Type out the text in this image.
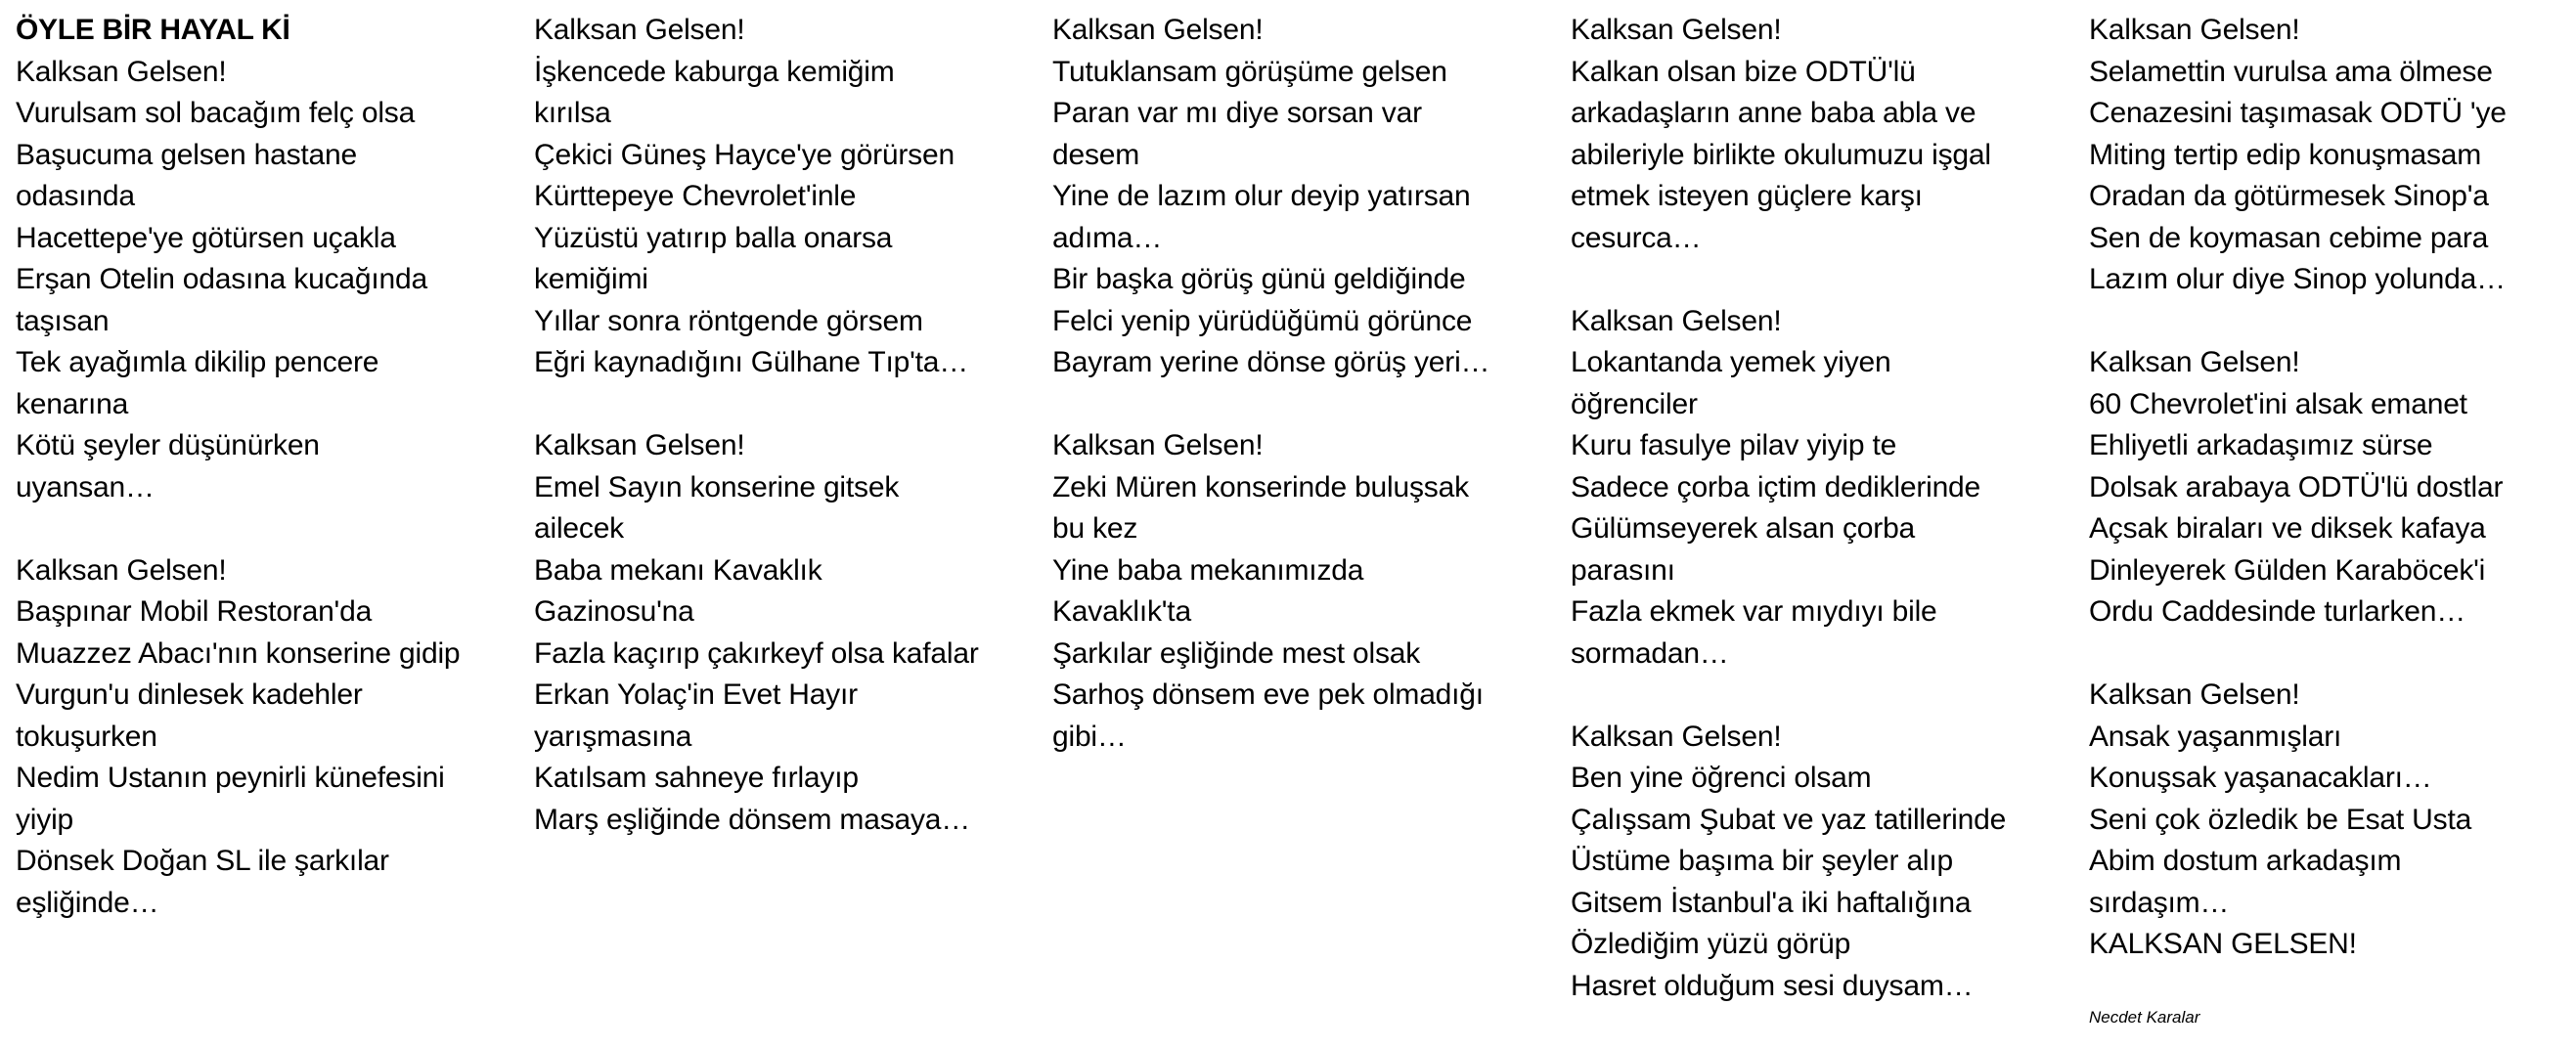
ÖYLE BİR HAYAL Kİ
Kalksan Gelsen!
Vurulsam sol bacağım felç olsa
Başucuma gelsen hastane
odasında
Hacettepe'ye götürsen uçakla
Erşan Otelin odasına kucağında
taşısan
Tek ayağımla dikilip pencere
kenarına
Kötü şeyler düşünürken
uyansan…
Kalksan Gelsen!
Başpınar Mobil Restoran'da
Muazzez Abacı'nın konserine gidip
Vurgun'u dinlesek kadehler
tokuşurken
Nedim Ustanın peynirli künefesini
yiyip
Dönsek Doğan SL ile şarkılar
eşliğinde…
Kalksan Gelsen!
İşkencede kaburga kemiğim
kırılsa
Çekici Güneş Hayce'ye görürsen
Kürttepeye Chevrolet'inle
Yüzüstü yatırıp balla onarsa
kemiğimi
Yıllar sonra röntgende görsem
Eğri kaynadığını Gülhane Tıp'ta…
Kalksan Gelsen!
Emel Sayın konserine gitsek
ailecek
Baba mekanı Kavaklık
Gazinosu'na
Fazla kaçırıp çakırkeyf olsa kafalar
Erkan Yolaç'in Evet Hayır
yarışmasına
Katılsam sahneye fırlayıp
Marş eşliğinde dönsem masaya…
Kalksan Gelsen!
Tutuklansam görüşüme gelsen
Paran var mı diye sorsan var
desem
Yine de lazım olur deyip yatırsan
adıma…
Bir başka görüş günü geldiğinde
Felci yenip yürüdüğümü görünce
Bayram yerine dönse görüş yeri…
Kalksan Gelsen!
Zeki Müren konserinde buluşsak
bu kez
Yine baba mekanımızda
Kavaklık'ta
Şarkılar eşliğinde mest olsak
Sarhoş dönsem eve pek olmadığı
gibi…
Kalksan Gelsen!
Kalkan olsan bize ODTÜ'lü
arkadaşların anne baba abla ve
abileriyle birlikte okulumuzu işgal
etmek isteyen güçlere karşı
cesurca…
Kalksan Gelsen!
Lokantanda yemek yiyen
öğrenciler
Kuru fasulye pilav yiyip te
Sadece çorba içtim dediklerinde
Gülümseyerek alsan çorba
parasını
Fazla ekmek var mıydıyı bile
sormadan…
Kalksan Gelsen!
Ben yine öğrenci olsam
Çalışsam Şubat ve yaz tatillerinde
Üstüme başıma bir şeyler alıp
Gitsem İstanbul'a iki haftalığına
Özlediğim yüzü görüp
Hasret olduğum sesi duysam…
Kalksan Gelsen!
Selamettin vurulsa ama ölmese
Cenazesini taşımasak ODTÜ 'ye
Miting tertip edip konuşmasam
Oradan da götürmesek Sinop'a
Sen de koymasan cebime para
Lazım olur diye Sinop yolunda…
Kalksan Gelsen!
60 Chevrolet'ini alsak emanet
Ehliyetli arkadaşımız sürse
Dolsak arabaya ODTÜ'lü dostlar
Açsak biraları ve diksek kafaya
Dinleyerek Gülden Karaböcek'i
Ordu Caddesinde turlarken…
Kalksan Gelsen!
Ansak yaşanmışları
Konuşsak yaşanacakları…
Seni çok özledik be Esat Usta
Abim dostum arkadaşım
sırdaşım…
KALKSAN GELSEN!
Necdet Karalar
